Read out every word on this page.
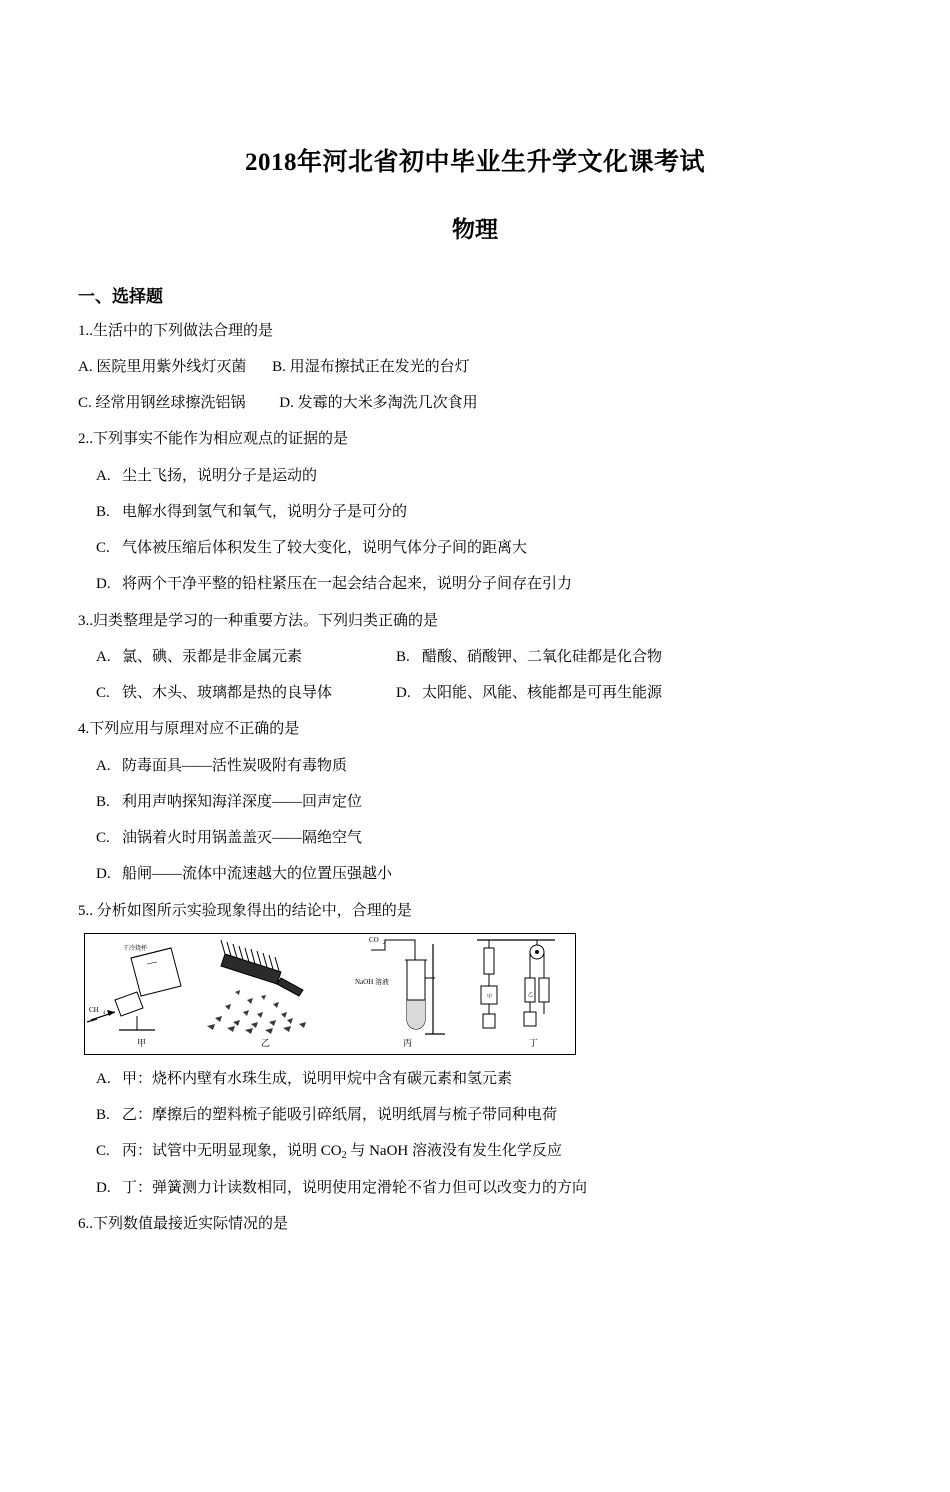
2018年河北省初中毕业生升学文化课考试
物理
一、选择题
1..生活中的下列做法合理的是
A. 医院里用紫外线灯灭菌 B. 用湿布擦拭正在发光的台灯
C. 经常用钢丝球擦洗铝锅 D. 发霉的大米多淘洗几次食用
2..下列事实不能作为相应观点的证据的是
A. 尘土飞扬，说明分子是运动的
B. 电解水得到氢气和氧气，说明分子是可分的
C. 气体被压缩后体积发生了较大变化，说明气体分子间的距离大
D. 将两个干净平整的铅柱紧压在一起会结合起来，说明分子间存在引力
3..归类整理是学习的一种重要方法。下列归类正确的是
A. 氯、碘、汞都是非金属元素	B. 醋酸、硝酸钾、二氧化硅都是化合物
C. 铁、木头、玻璃都是热的良导体	D. 太阳能、风能、核能都是可再生能源
4.下列应用与原理对应不正确的是
A. 防毒面具——活性炭吸附有毒物质
B. 利用声呐探知海洋深度——回声定位
C. 油锅着火时用锅盖盖灭——隔绝空气
D. 船闸——流体中流速越大的位置压强越小
5.. 分析如图所示实验现象得出的结论中，合理的是
干冷烧杯
CH 4
甲	乙
CO 2
NaOH 溶液
丙
甲	乙
丁
A. 甲：烧杯内壁有水珠生成，说明甲烷中含有碳元素和氢元素
B. 乙：摩擦后的塑料梳子能吸引碎纸屑，说明纸屑与梳子带同种电荷
C. 丙：试管中无明显现象，说明 $CO_2$ 与 NaOH 溶液没有发生化学反应
D. 丁：弹簧测力计读数相同，说明使用定滑轮不省力但可以改变力的方向
6..下列数值最接近实际情况的是
